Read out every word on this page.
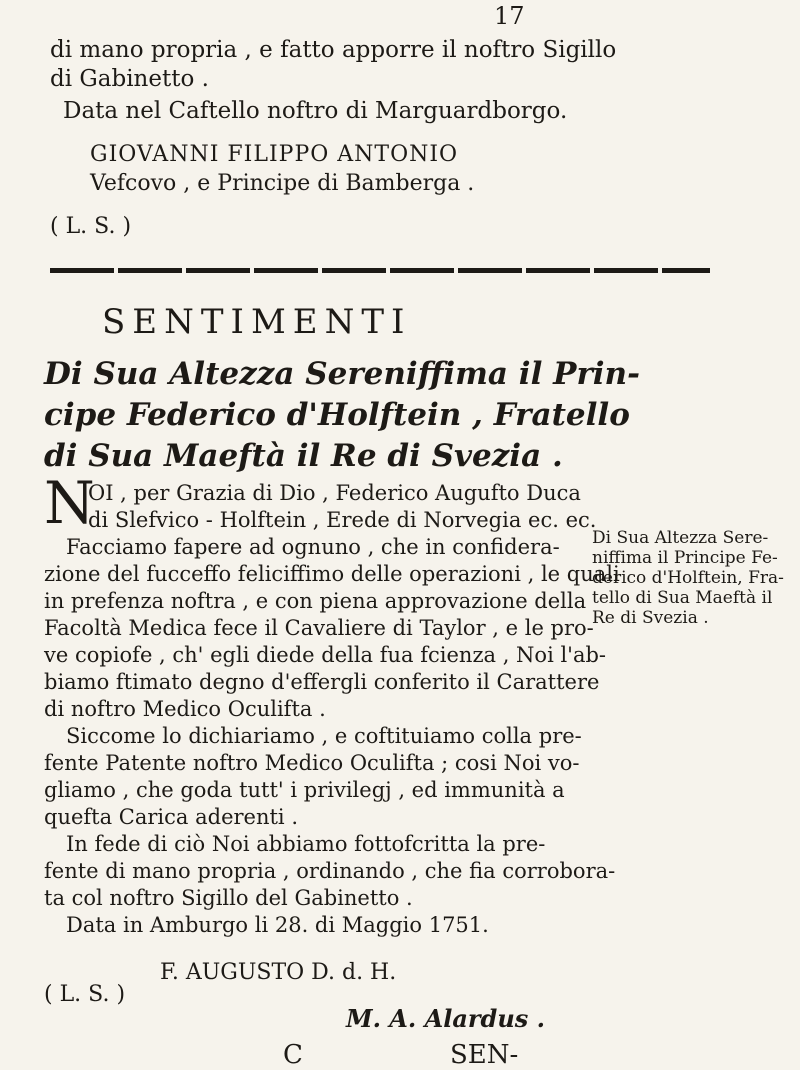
17
di mano propria , e fatto apporre il noftro Sigillo
di Gabinetto .
Data nel Caftello noftro di Marguardborgo.
GIOVANNI FILIPPO ANTONIO
Vefcovo , e Principe di Bamberga .
( L. S. )
SENTIMENTI
Di Sua Altezza Sereniffima il Prin-
cipe Federico d'Holftein , Fratello
di Sua Maeftà il Re di Svezia .
N
OI , per Grazia di Dio , Federico Augufto Duca
di Slefvico - Holftein , Erede di Norvegia ec. ec.
Facciamo fapere ad ognuno , che in confidera-
zione del fucceffo feliciffimo delle operazioni , le quali
in prefenza noftra , e con piena approvazione della
Facoltà Medica fece il Cavaliere di Taylor , e le pro-
ve copiofe , ch' egli diede della fua fcienza , Noi l'ab-
biamo ftimato degno d'effergli conferito il Carattere
di noftro Medico Oculifta .
Siccome lo dichiariamo , e coftituiamo colla pre-
fente Patente noftro Medico Oculifta ; cosi Noi vo-
gliamo , che goda tutt' i privilegj , ed immunità a
quefta Carica aderenti .
In fede di ciò Noi abbiamo fottofcritta la pre-
fente di mano propria , ordinando , che fia corrobora-
ta col noftro Sigillo del Gabinetto .
Data in Amburgo li 28. di Maggio 1751.
Di Sua Altezza Sere-
niffima il Principe Fe-
derico d'Holftein, Fra-
tello di Sua Maeftà il
Re di Svezia .
F. AUGUSTO D. d. H.
( L. S. )
M. A. Alardus .
C	SEN-
